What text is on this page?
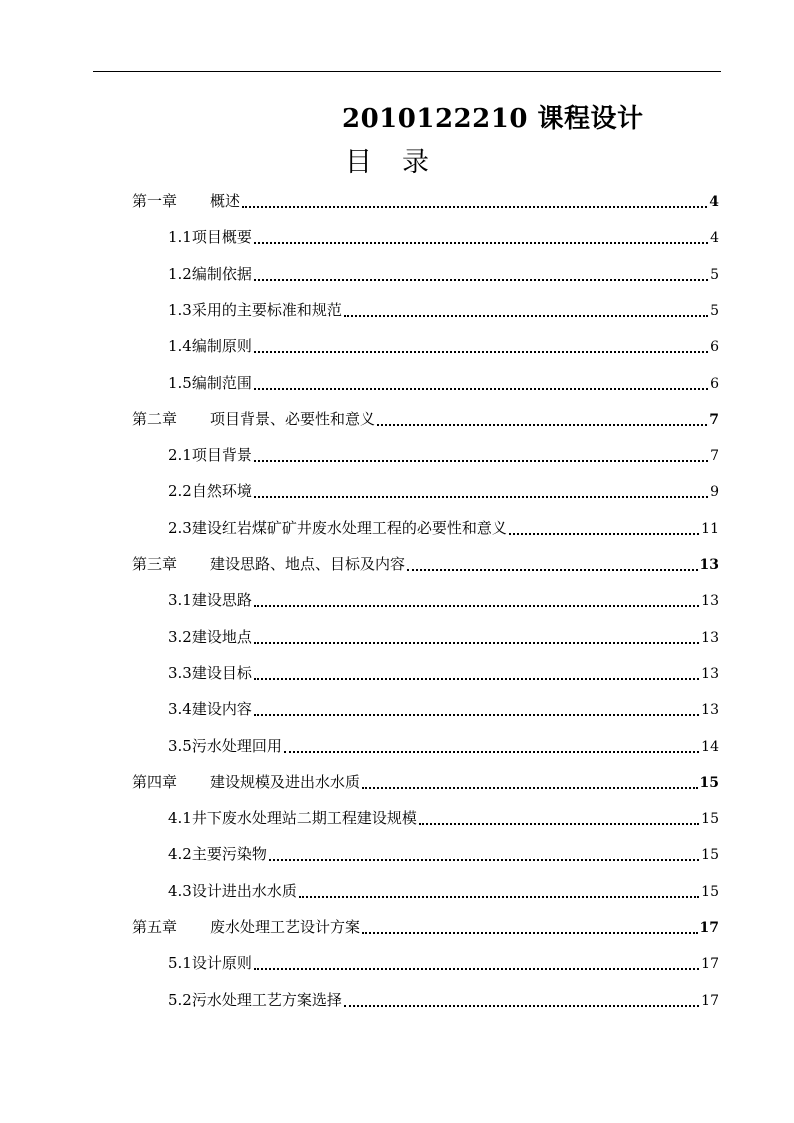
2010122210 课程设计
目录
第一章	概述	4
1.1项目概要	4
1.2编制依据	5
1.3采用的主要标准和规范	5
1.4编制原则	6
1.5编制范围	6
第二章	项目背景、必要性和意义	7
2.1项目背景	7
2.2自然环境	9
2.3建设红岩煤矿矿井废水处理工程的必要性和意义	11
第三章	建设思路、地点、目标及内容	13
3.1建设思路	13
3.2建设地点	13
3.3建设目标	13
3.4建设内容	13
3.5污水处理回用	14
第四章	建设规模及进出水水质	15
4.1井下废水处理站二期工程建设规模	15
4.2主要污染物	15
4.3设计进出水水质	15
第五章	废水处理工艺设计方案	17
5.1设计原则	17
5.2污水处理工艺方案选择	17
